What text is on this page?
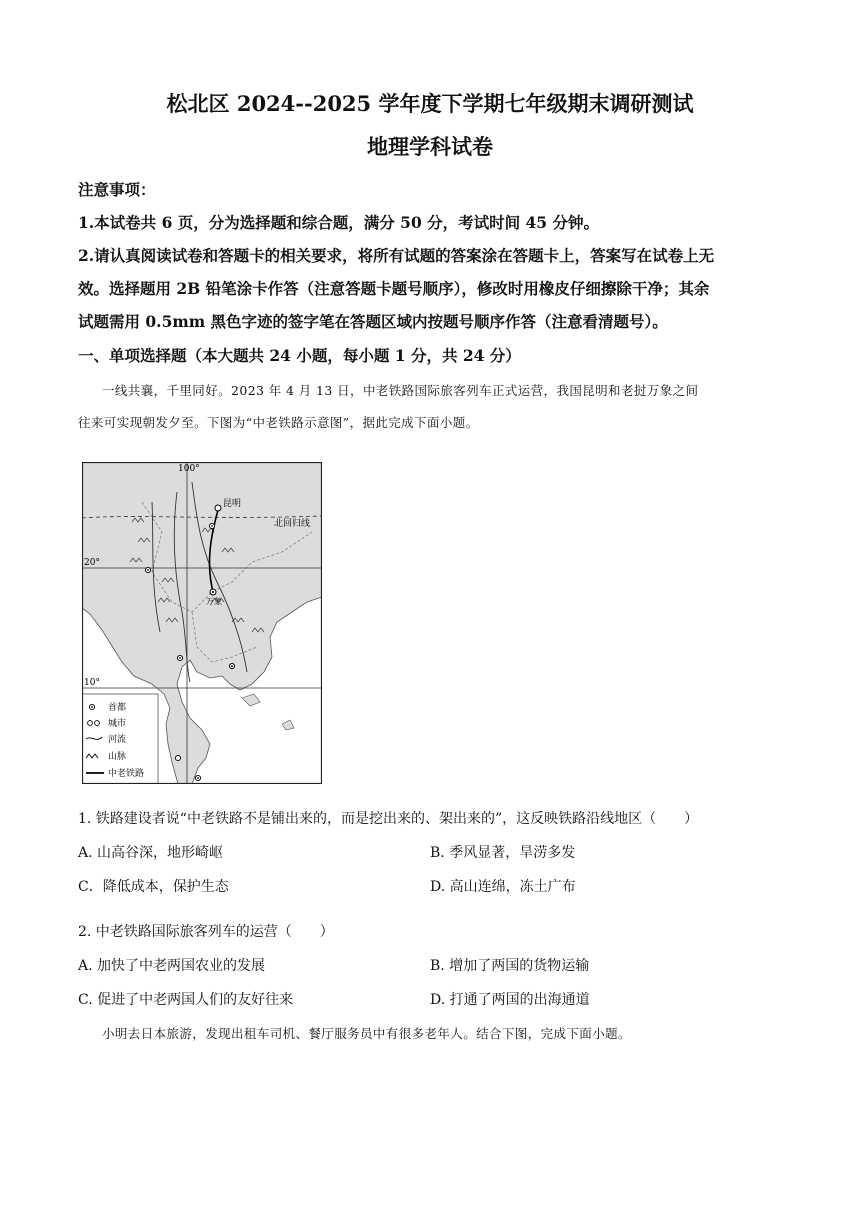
松北区 2024--2025 学年度下学期七年级期末调研测试
地理学科试卷
注意事项：
1.本试卷共 6 页，分为选择题和综合题，满分 50 分，考试时间 45 分钟。
2.请认真阅读试卷和答题卡的相关要求，将所有试题的答案涂在答题卡上，答案写在试卷上无
效。选择题用 2B 铅笔涂卡作答（注意答题卡题号顺序），修改时用橡皮仔细擦除干净；其余
试题需用 0.5mm 黑色字迹的签字笔在答题区域内按题号顺序作答（注意看清题号）。
一、单项选择题（本大题共 24 小题，每小题 1 分，共 24 分）
一线共襄，千里同好。2023 年 4 月 13 日，中老铁路国际旅客列车正式运营，我国昆明和老挝万象之间
往来可实现朝发夕至。下图为“中老铁路示意图”，据此完成下面小题。
100°
20°
10°
北回归线
昆明
万象
首都
城市
河流
山脉
中老铁路
1. 铁路建设者说“中老铁路不是铺出来的，而是挖出来的、架出来的”，这反映铁路沿线地区（　　）
A. 山高谷深，地形崎岖	B. 季风显著，旱涝多发
C．降低成本，保护生态	D. 高山连绵，冻土广布
2. 中老铁路国际旅客列车的运营（　　）
A. 加快了中老两国农业的发展	B. 增加了两国的货物运输
C. 促进了中老两国人们的友好往来	D. 打通了两国的出海通道
小明去日本旅游，发现出租车司机、餐厅服务员中有很多老年人。结合下图，完成下面小题。
